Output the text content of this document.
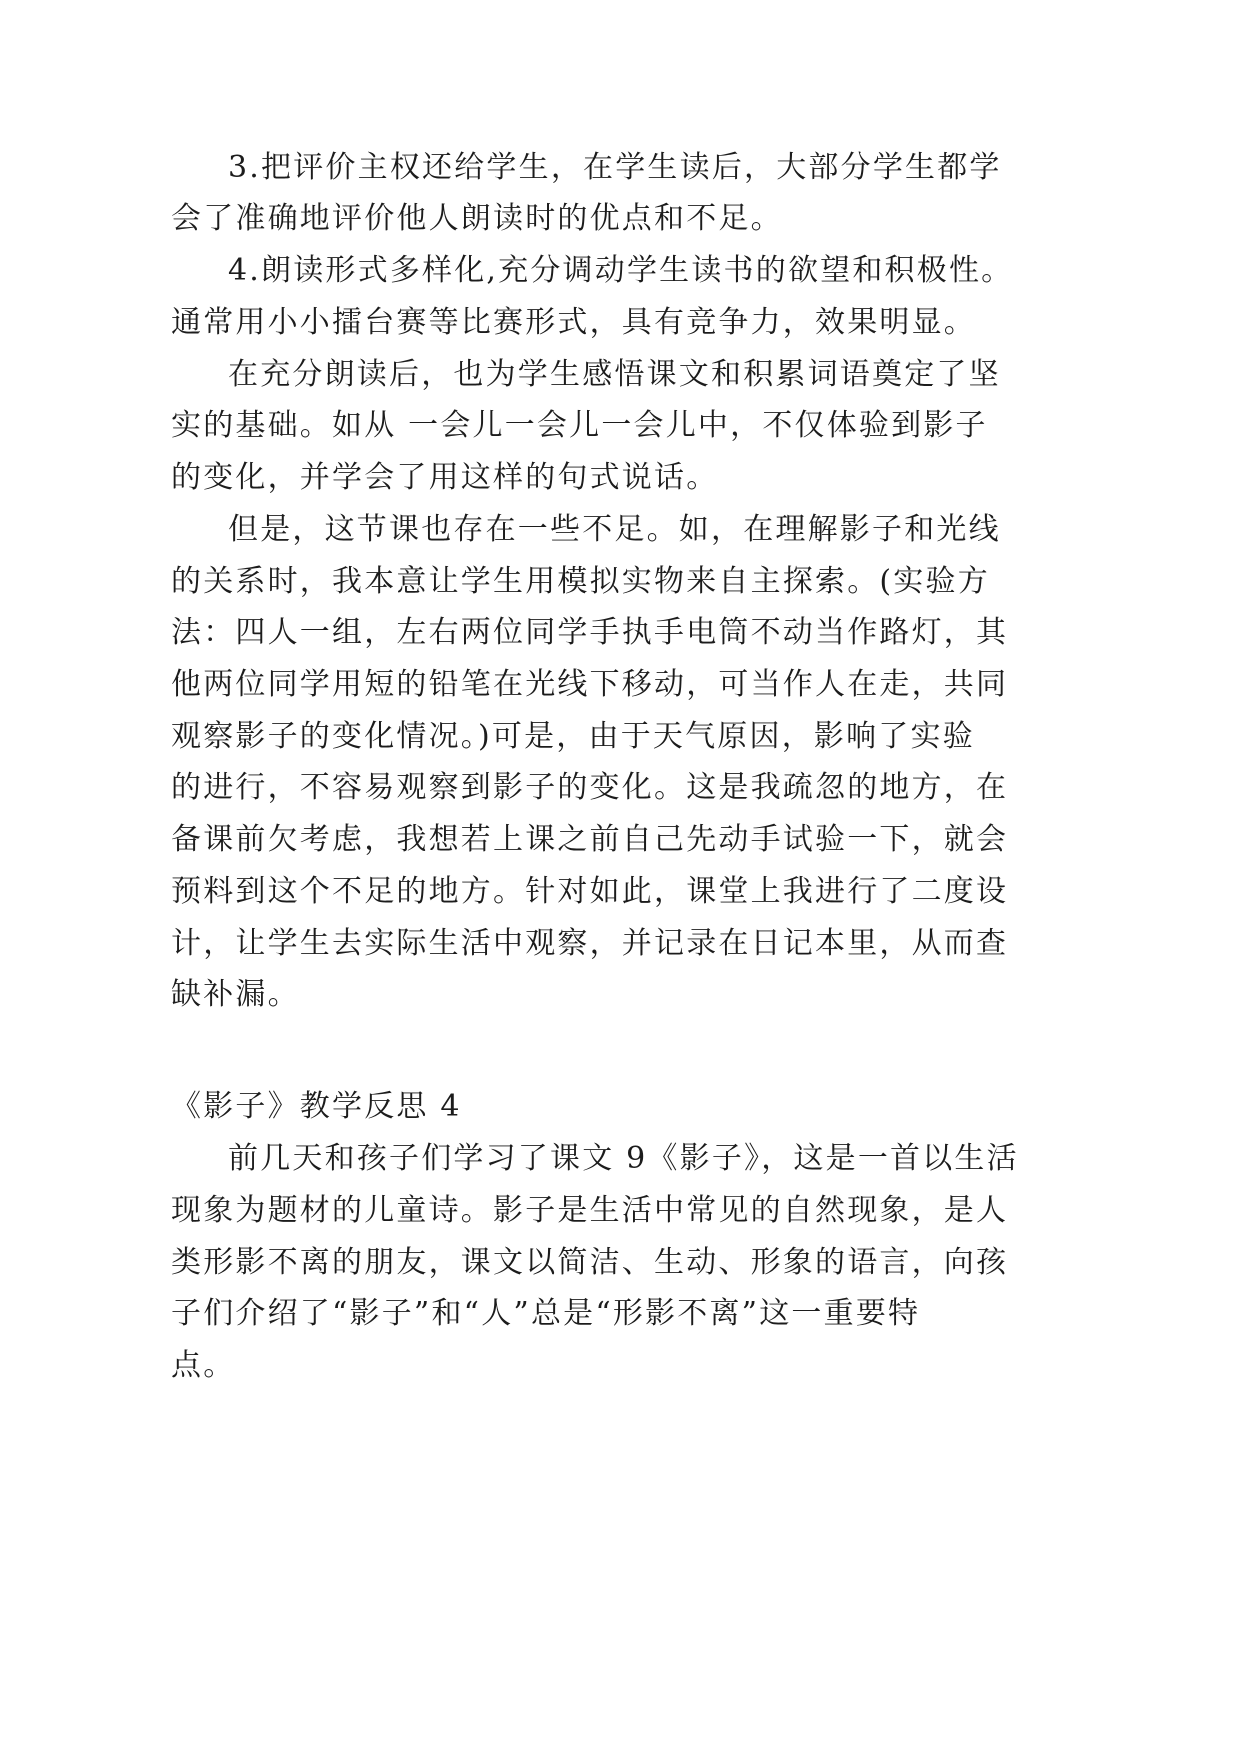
3.把评价主权还给学生，在学生读后，大部分学生都学

会了准确地评价他人朗读时的优点和不足。

4.朗读形式多样化,充分调动学生读书的欲望和积极性。

通常用小小擂台赛等比赛形式，具有竞争力，效果明显。

在充分朗读后，也为学生感悟课文和积累词语奠定了坚

实的基础。如从 一会儿一会儿一会儿中，不仅体验到影子

的变化，并学会了用这样的句式说话。

但是，这节课也存在一些不足。如，在理解影子和光线

的关系时，我本意让学生用模拟实物来自主探索。(实验方

法：四人一组，左右两位同学手执手电筒不动当作路灯，其

他两位同学用短的铅笔在光线下移动，可当作人在走，共同

观察影子的变化情况。)可是，由于天气原因，影响了实验

的进行，不容易观察到影子的变化。这是我疏忽的地方，在

备课前欠考虑，我想若上课之前自己先动手试验一下，就会

预料到这个不足的地方。针对如此，课堂上我进行了二度设

计，让学生去实际生活中观察，并记录在日记本里，从而查

缺补漏。

《影子》教学反思 4

前几天和孩子们学习了课文 9《影子》，这是一首以生活

现象为题材的儿童诗。影子是生活中常见的自然现象，是人

类形影不离的朋友，课文以简洁、生动、形象的语言，向孩

子们介绍了“影子”和“人”总是“形影不离”这一重要特

点。
